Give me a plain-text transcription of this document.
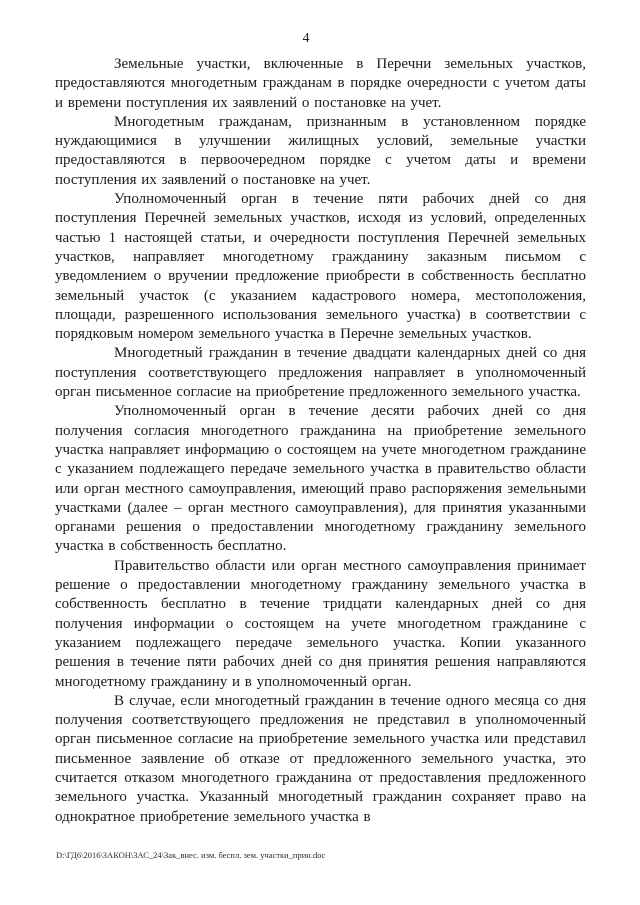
4

Земельные участки, включенные в Перечни земельных участков, предоставляются многодетным гражданам в порядке очередности с учетом даты и времени поступления их заявлений о постановке на учет.

Многодетным гражданам, признанным в установленном порядке нуждающимися в улучшении жилищных условий, земельные участки предоставляются в первоочередном порядке с учетом даты и времени поступления их заявлений о постановке на учет.

Уполномоченный орган в течение пяти рабочих дней со дня поступления Перечней земельных участков, исходя из условий, определенных частью 1 настоящей статьи, и очередности поступления Перечней земельных участков, направляет многодетному гражданину заказным письмом с уведомлением о вручении предложение приобрести в собственность бесплатно земельный участок (с указанием кадастрового номера, местоположения, площади, разрешенного использования земельного участка) в соответствии с порядковым номером земельного участка в Перечне земельных участков.

Многодетный гражданин в течение двадцати календарных дней со дня поступления соответствующего предложения направляет в уполномоченный орган письменное согласие на приобретение предложенного земельного участка.

Уполномоченный орган в течение десяти рабочих дней со дня получения согласия многодетного гражданина на приобретение земельного участка направляет информацию о состоящем на учете многодетном гражданине с указанием подлежащего передаче земельного участка в правительство области или орган местного самоуправления, имеющий право распоряжения земельными участками (далее – орган местного самоуправления), для принятия указанными органами решения о предоставлении многодетному гражданину земельного участка в собственность бесплатно.

Правительство области или орган местного самоуправления принимает решение о предоставлении многодетному гражданину земельного участка в собственность бесплатно в течение тридцати календарных дней со дня получения информации о состоящем на учете многодетном гражданине с указанием подлежащего передаче земельного участка. Копии указанного решения в течение пяти рабочих дней со дня принятия решения направляются многодетному гражданину и в уполномоченный орган.

В случае, если многодетный гражданин в течение одного месяца со дня получения соответствующего предложения не представил в уполномоченный орган письменное согласие на приобретение земельного участка или представил письменное заявление об отказе от предложенного земельного участка, это считается отказом многодетного гражданина от предоставления предложенного земельного участка. Указанный многодетный гражданин сохраняет право на однократное приобретение земельного участка в

D:\ГД6\2016\ЗАКОН\ЗАС_24\Зак_внес. изм. беспл. зем. участки_прин.doc
